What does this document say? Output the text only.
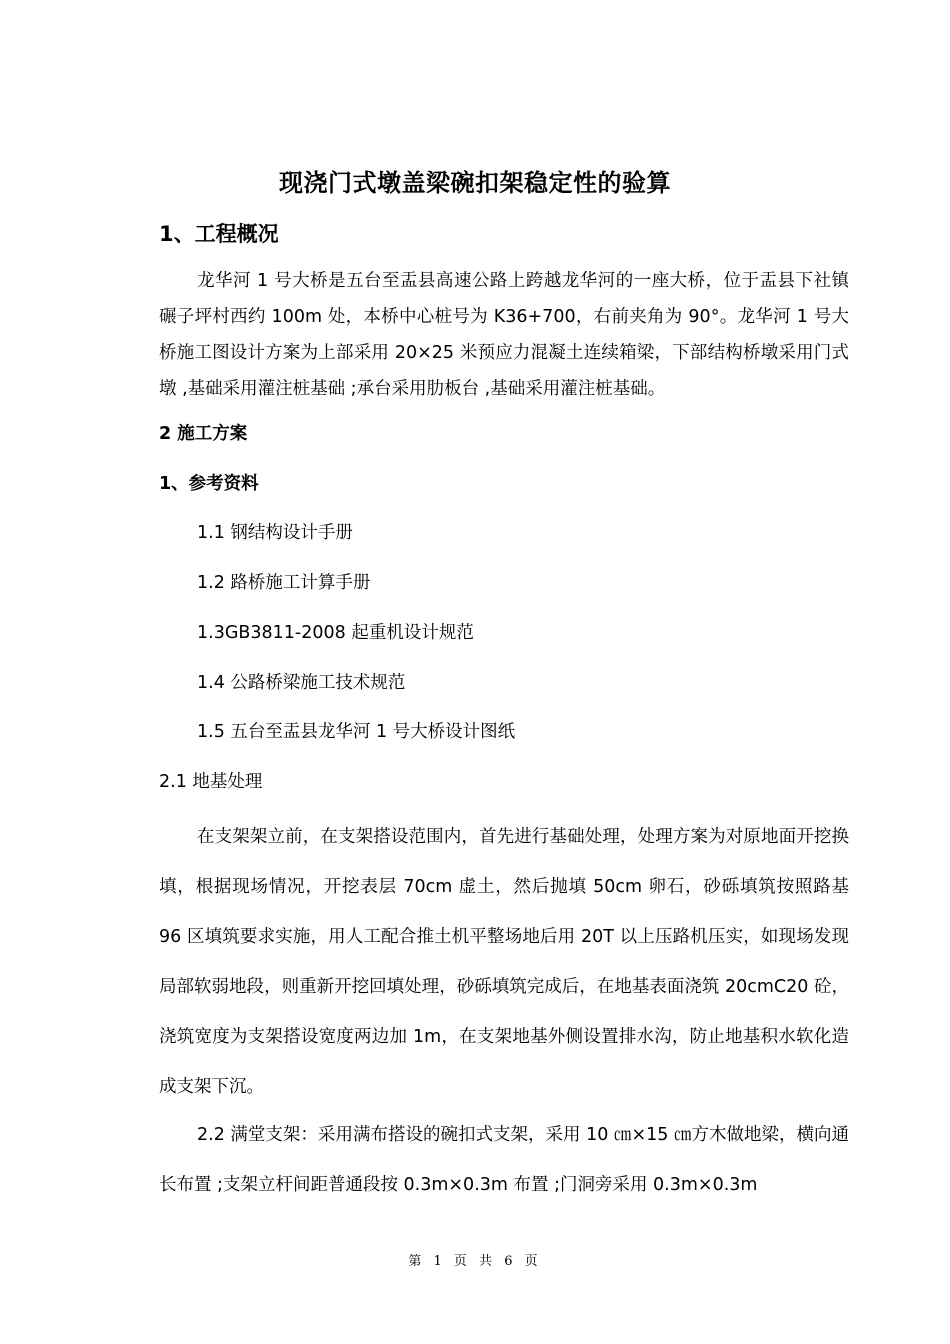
现浇门式墩盖梁碗扣架稳定性的验算
1、工程概况
龙华河 1 号大桥是五台至盂县高速公路上跨越龙华河的一座大桥，位于盂县下社镇碾子坪村西约 100m 处，本桥中心桩号为 K36+700，右前夹角为 90°。龙华河 1 号大桥施工图设计方案为上部采用 20×25 米预应力混凝土连续箱梁，下部结构桥墩采用门式墩 ,基础采用灌注桩基础 ;承台采用肋板台 ,基础采用灌注桩基础。
2 施工方案
1、参考资料
1.1 钢结构设计手册
1.2 路桥施工计算手册
1.3GB3811-2008 起重机设计规范
1.4 公路桥梁施工技术规范
1.5 五台至盂县龙华河 1 号大桥设计图纸
2.1 地基处理
在支架架立前，在支架搭设范围内，首先进行基础处理，处理方案为对原地面开挖换填，根据现场情况，开挖表层 70cm 虚土，然后抛填 50cm 卵石，砂砾填筑按照路基 96 区填筑要求实施，用人工配合推土机平整场地后用 20T 以上压路机压实，如现场发现局部软弱地段，则重新开挖回填处理，砂砾填筑完成后，在地基表面浇筑 20cmC20 砼，浇筑宽度为支架搭设宽度两边加 1m，在支架地基外侧设置排水沟，防止地基积水软化造成支架下沉。
2.2 满堂支架：采用满布搭设的碗扣式支架，采用 10 ㎝×15 ㎝方木做地梁，横向通长布置 ;支架立杆间距普通段按 0.3m×0.3m 布置 ;门洞旁采用 0.3m×0.3m
第 1 页 共 6 页
